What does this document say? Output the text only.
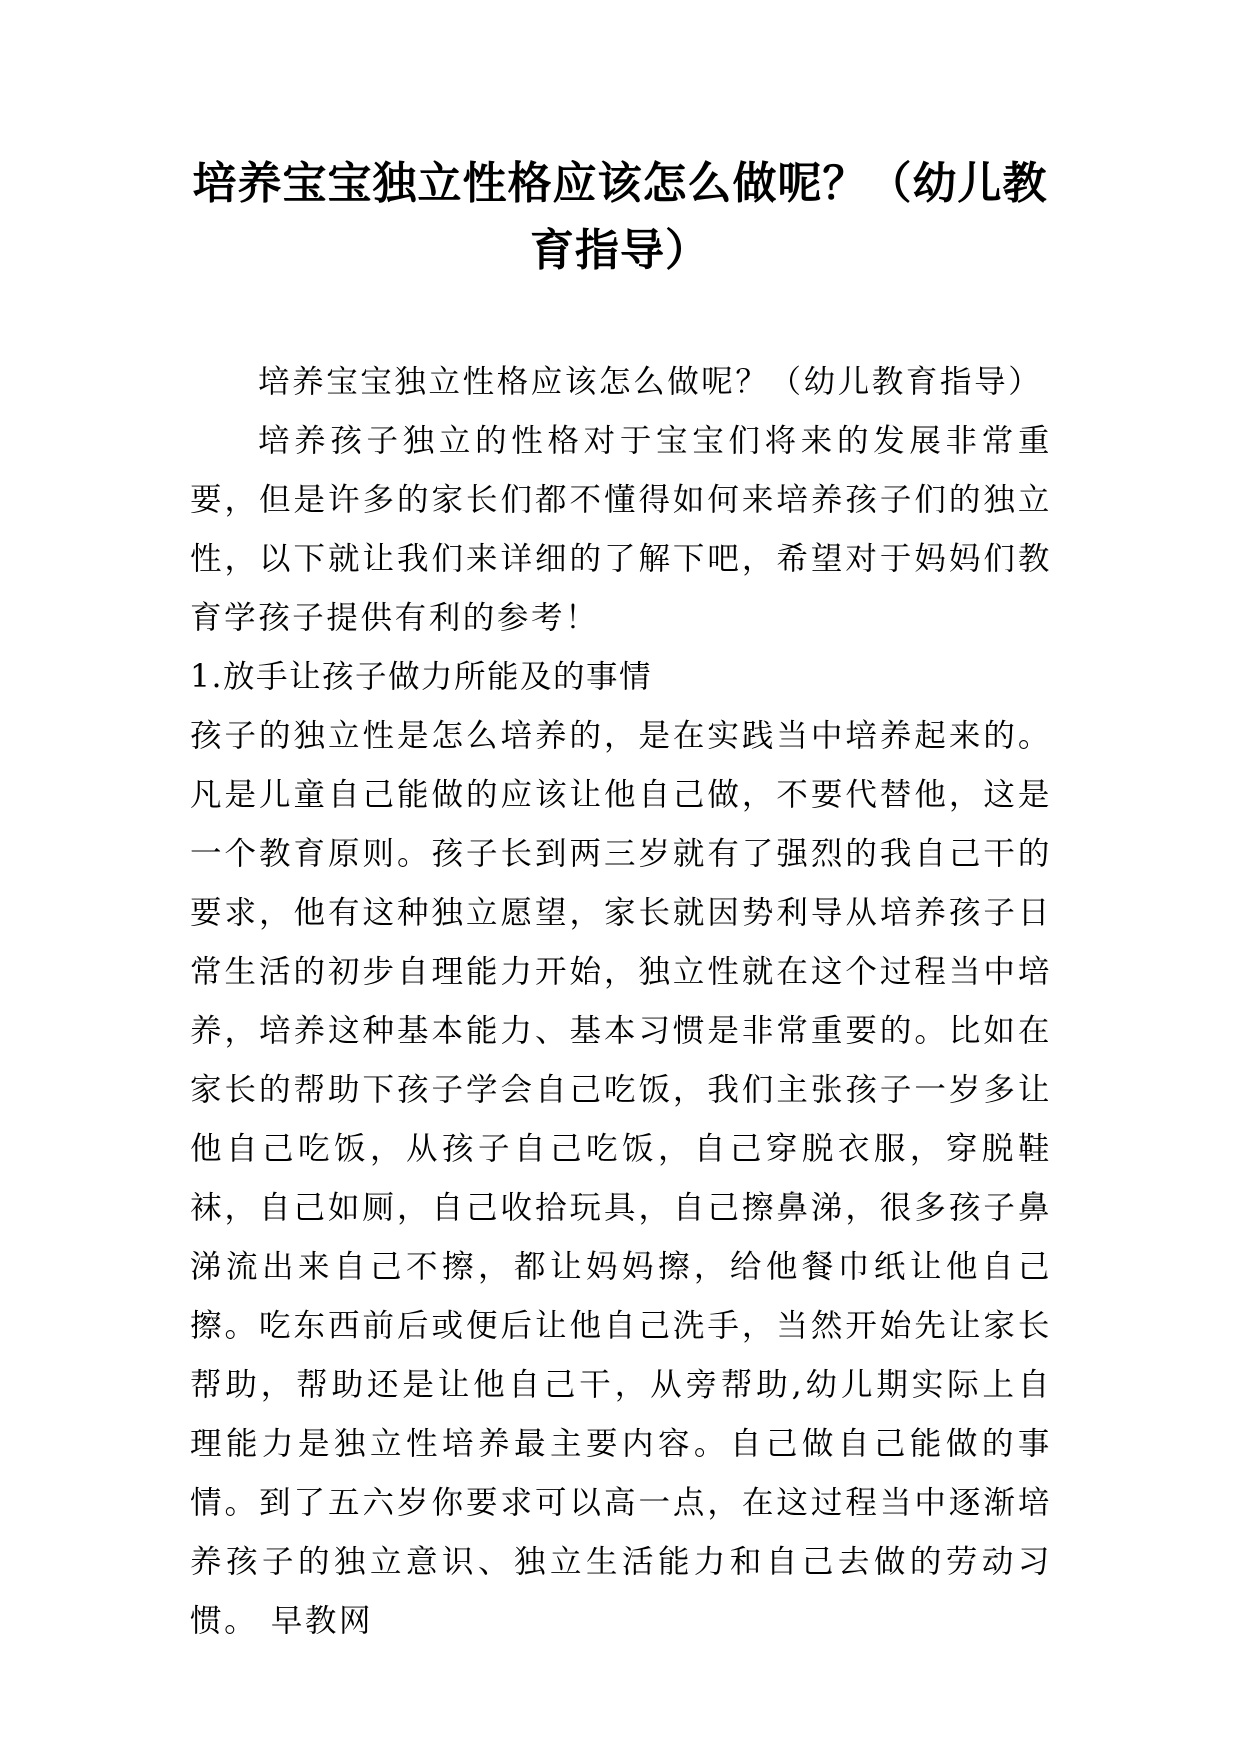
培养宝宝独立性格应该怎么做呢？（幼儿教育指导）

培养宝宝独立性格应该怎么做呢？（幼儿教育指导）

培养孩子独立的性格对于宝宝们将来的发展非常重要，但是许多的家长们都不懂得如何来培养孩子们的独立性，以下就让我们来详细的了解下吧，希望对于妈妈们教育学孩子提供有利的参考！

1.放手让孩子做力所能及的事情

孩子的独立性是怎么培养的，是在实践当中培养起来的。凡是儿童自己能做的应该让他自己做，不要代替他，这是一个教育原则。孩子长到两三岁就有了强烈的我自己干的要求，他有这种独立愿望，家长就因势利导从培养孩子日常生活的初步自理能力开始，独立性就在这个过程当中培养，培养这种基本能力、基本习惯是非常重要的。比如在家长的帮助下孩子学会自己吃饭，我们主张孩子一岁多让他自己吃饭，从孩子自己吃饭，自己穿脱衣服，穿脱鞋袜，自己如厕，自己收拾玩具，自己擦鼻涕，很多孩子鼻涕流出来自己不擦，都让妈妈擦，给他餐巾纸让他自己擦。吃东西前后或便后让他自己洗手，当然开始先让家长帮助，帮助还是让他自己干，从旁帮助,幼儿期实际上自理能力是独立性培养最主要内容。自己做自己能做的事情。到了五六岁你要求可以高一点，在这过程当中逐渐培养孩子的独立意识、独立生活能力和自己去做的劳动习惯。 早教网
